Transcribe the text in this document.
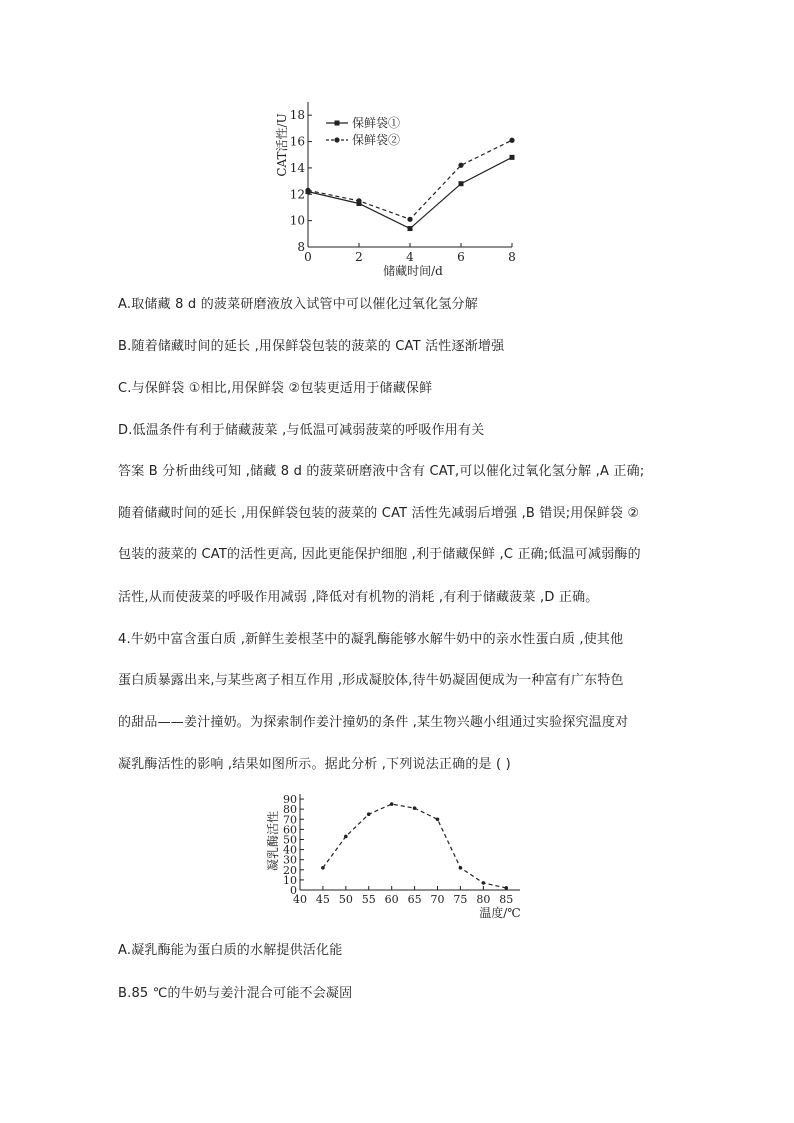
8
10
12
14
16
18
0	2	4	6	8
CAT活性/U
储藏时间/d
保鲜袋①
保鲜袋②
A.取储藏 8 d 的菠菜研磨液放入试管中可以催化过氧化氢分解
B.随着储藏时间的延长 ,用保鲜袋包装的菠菜的 CAT 活性逐渐增强
C.与保鲜袋 ①相比,用保鲜袋 ②包装更适用于储藏保鲜
D.低温条件有利于储藏菠菜 ,与低温可减弱菠菜的呼吸作用有关
答案 B 分析曲线可知 ,储藏 8 d 的菠菜研磨液中含有 CAT,可以催化过氧化氢分解 ,A 正确;
随着储藏时间的延长 ,用保鲜袋包装的菠菜的 CAT 活性先减弱后增强 ,B 错误;用保鲜袋 ②
包装的菠菜的 CAT的活性更高, 因此更能保护细胞 ,利于储藏保鲜 ,C 正确;低温可减弱酶的
活性,从而使菠菜的呼吸作用减弱 ,降低对有机物的消耗 ,有利于储藏菠菜 ,D 正确。
4.牛奶中富含蛋白质 ,新鲜生姜根茎中的凝乳酶能够水解牛奶中的亲水性蛋白质 ,使其他
蛋白质暴露出来,与某些离子相互作用 ,形成凝胶体,待牛奶凝固便成为一种富有广东特色
的甜品——姜汁撞奶。为探索制作姜汁撞奶的条件 ,某生物兴趣小组通过实验探究温度对
凝乳酶活性的影响 ,结果如图所示。据此分析 ,下列说法正确的是 ( )
0
10
20
30
40
50
60
70
80
90
40 45 50 55 60 65 70 75 80 85
凝乳酶活性
温度/℃
A.凝乳酶能为蛋白质的水解提供活化能
B.85 ℃的牛奶与姜汁混合可能不会凝固
